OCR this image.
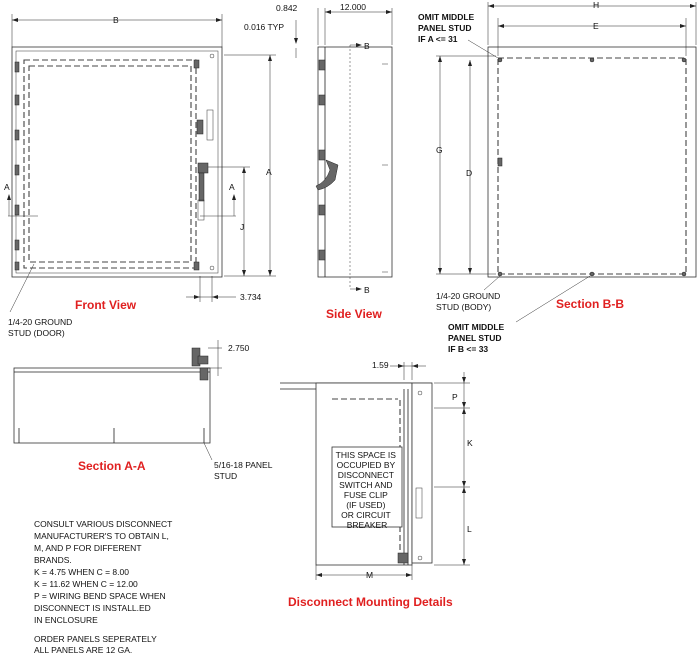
B
A
J
3.734
A	A
1/4-20 GROUND STUD (DOOR)
Front View
0.842	12.000
0.016 TYP
B
B
Side View
H
E
G
D
OMIT MIDDLE PANEL STUD IF A <= 31
1/4-20 GROUND STUD (BODY)
OMIT MIDDLE PANEL STUD IF B <= 33
Section B-B
2.750
5/16-18 PANEL STUD
Section A-A
CONSULT VARIOUS DISCONNECT MANUFACTURER'S TO OBTAIN L, M, AND P FOR DIFFERENT BRANDS. K = 4.75 WHEN C = 8.00 K = 11.62 WHEN C = 12.00 P = WIRING BEND SPACE WHEN DISCONNECT IS INSTALL.ED IN ENCLOSURE
ORDER PANELS SEPERATELY ALL PANELS ARE 12 GA.
THIS SPACE IS OCCUPIED BY DISCONNECT SWITCH AND FUSE CLIP (IF USED) OR CIRCUIT BREAKER
1.59
P
K
L
M
Disconnect Mounting Details
